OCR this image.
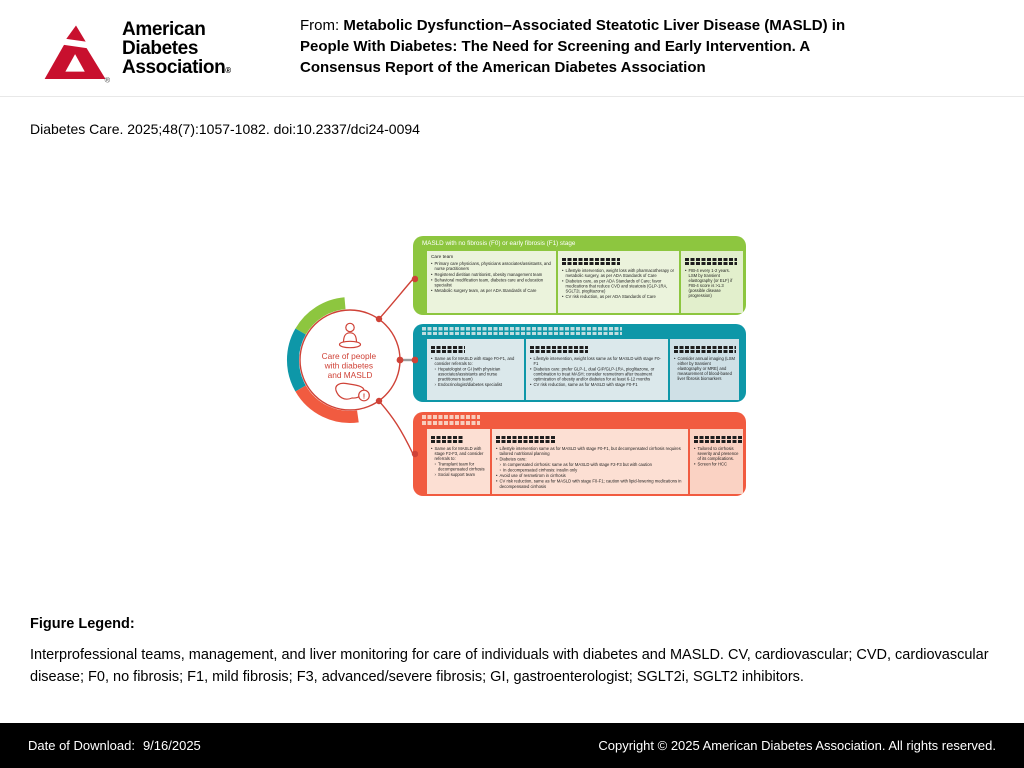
®
American
Diabetes
Association®
From: Metabolic Dysfunction–Associated Steatotic Liver Disease (MASLD) in People With Diabetes: The Need for Screening and Early Intervention. A Consensus Report of the American Diabetes Association
Diabetes Care. 2025;48(7):1057-1082. doi:10.2337/dci24-0094
Care of people with diabetes and MASLD
!
MASLD with no fibrosis (F0) or early fibrosis (F1) stage
Care team
• Primary care physicians, physicians associates/assistants, and nurse practitioners
• Registered dietitian nutritionist, obesity management team
• Behavioral modification team, diabetes care and education specialist
• Metabolic surgery team, as per ADA Standards of Care
• Lifestyle intervention, weight loss with pharmacotherapy or metabolic surgery, as per ADA Standards of Care
• Diabetes care, as per ADA Standards of Care; favor medications that reduce CVD and steatosis (GLP-1RA, SGLT2i, pioglitazone)
• CV risk reduction, as per ADA Standards of Care
• FIB-4 every 1-2 years. LSM by transient elastography (or ELF) if FIB-4 score is >1.3 (possible disease progression)
• Same as for MASLD with stage F0-F1, and consider referrals to:
› Hepatologist or GI (with physician associates/assistants and nurse practitioners team)
› Endocrinologist/diabetes specialist
• Lifestyle intervention, weight loss same as for MASLD with stage F0-F1
• Diabetes care: prefer GLP-1, dual GIP/GLP-1RA, pioglitazone, or combination to treat MASH; consider resmetirom after treatment optimization of obesity and/or diabetes for at least 6-12 months
• CV risk reduction, same as for MASLD with stage F0-F1
• Consider annual imaging (LSM either by transient elastography or MRE) and measurement of blood-based liver fibrosis biomarkers
• Same as for MASLD with stage F2-F3, and consider referrals to:
› Transplant team for decompensated cirrhosis
› Social support team
• Lifestyle intervention same as for MASLD with stage F0-F1, but decompensated cirrhosis requires tailored nutritional planning
• Diabetes care:
› In compensated cirrhosis: same as for MASLD with stage F2-F3 but with caution
› In decompensated cirrhosis: insulin only
• Avoid use of resmetirom in cirrhosis
• CV risk reduction, same as for MASLD with stage F0-F1; caution with lipid-lowering medications in decompensated cirrhosis
• Tailored to cirrhosis severity and presence of its complications.
• Screen for HCC
Figure Legend:
Interprofessional teams, management, and liver monitoring for care of individuals with diabetes and MASLD. CV, cardiovascular; CVD, cardiovascular disease; F0, no fibrosis; F1, mild fibrosis; F3, advanced/severe fibrosis; GI, gastroenterologist; SGLT2i, SGLT2 inhibitors.
Date of Download: 9/16/2025	Copyright © 2025 American Diabetes Association. All rights reserved.
